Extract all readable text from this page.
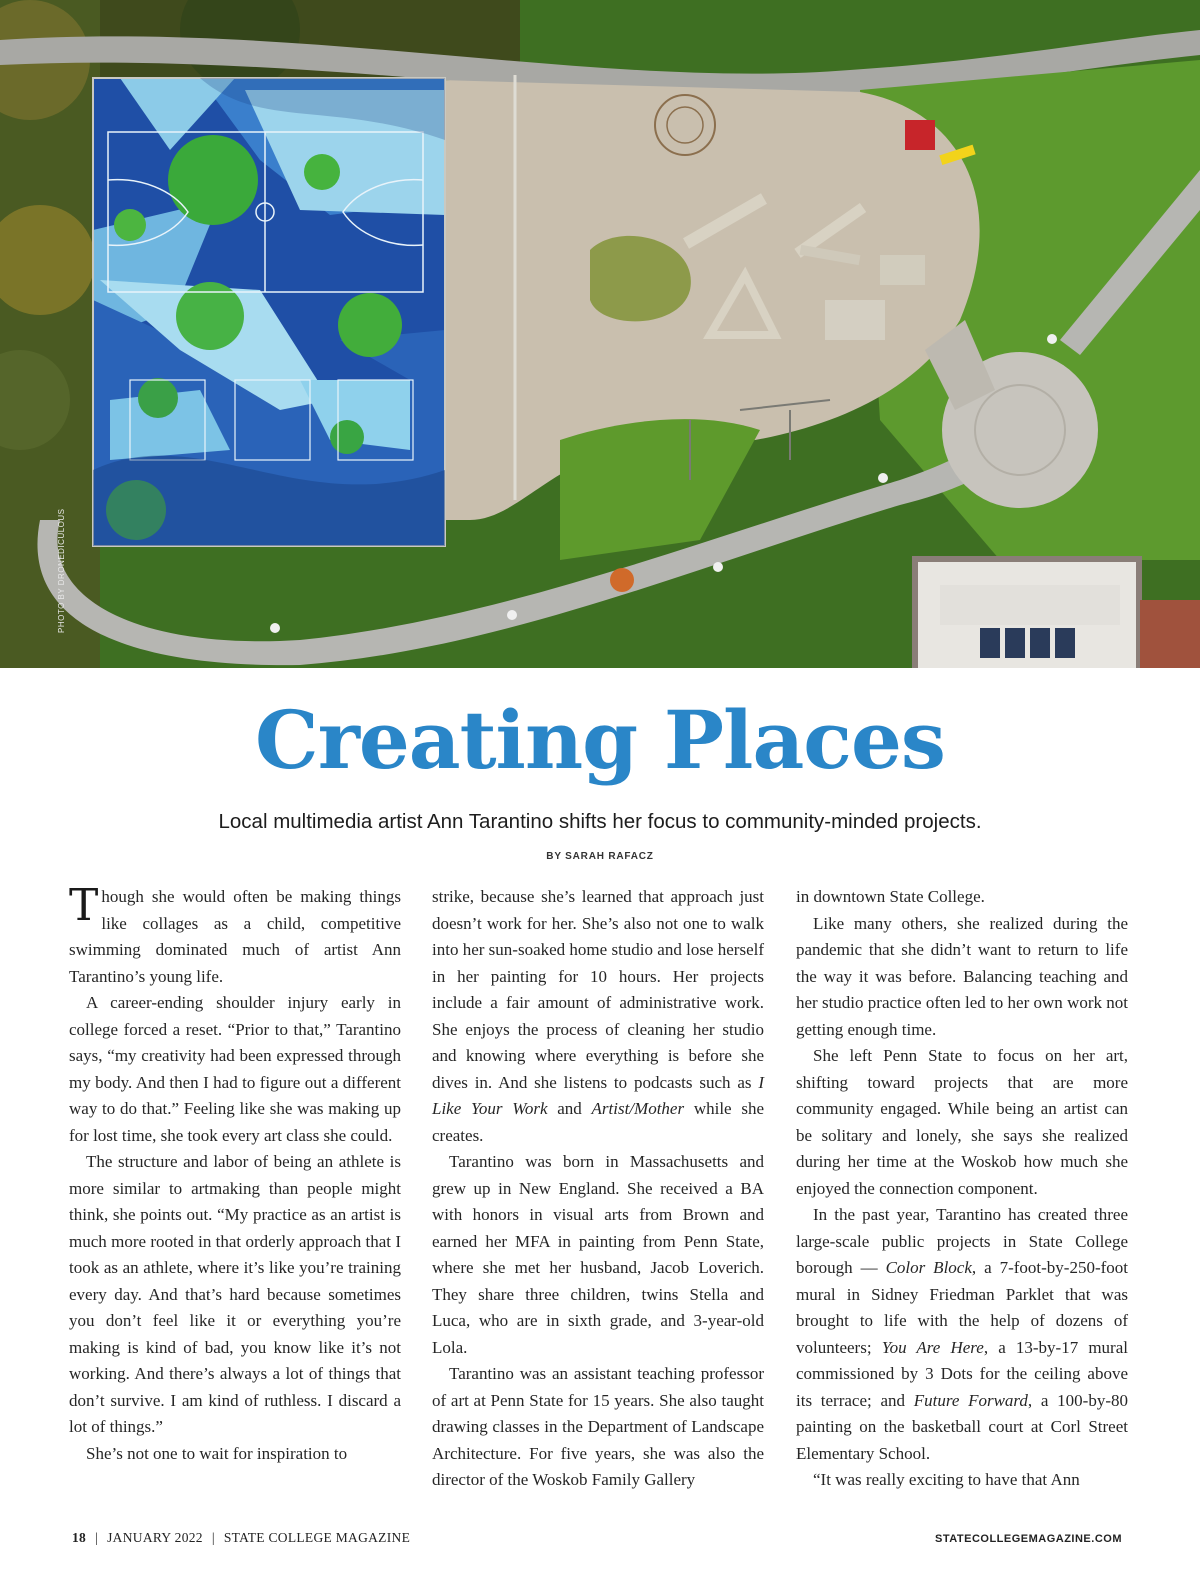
PHOTO BY DRONEDICULOUS
Creating Places
Local multimedia artist Ann Tarantino shifts her focus to community-minded projects.
BY SARAH RAFACZ

Though she would often be making things like collages as a child, competitive swimming dominated much of artist Ann Tarantino’s young life.

A career-ending shoulder injury early in college forced a reset. “Prior to that,” Tarantino says, “my creativity had been expressed through my body. And then I had to figure out a different way to do that.” Feeling like she was making up for lost time, she took every art class she could.

The structure and labor of being an athlete is more similar to artmaking than people might think, she points out. “My practice as an artist is much more rooted in that orderly approach that I took as an athlete, where it’s like you’re training every day. And that’s hard because sometimes you don’t feel like it or everything you’re making is kind of bad, you know like it’s not working. And there’s always a lot of things that don’t survive. I am kind of ruthless. I discard a lot of things.”

She’s not one to wait for inspiration to

strike, because she’s learned that approach just doesn’t work for her. She’s also not one to walk into her sun-soaked home studio and lose herself in her painting for 10 hours. Her projects include a fair amount of administrative work. She enjoys the process of cleaning her studio and knowing where everything is before she dives in. And she listens to podcasts such as I Like Your Work and Artist/Mother while she creates.

Tarantino was born in Massachusetts and grew up in New England. She received a BA with honors in visual arts from Brown and earned her MFA in painting from Penn State, where she met her husband, Jacob Loverich. They share three children, twins Stella and Luca, who are in sixth grade, and 3-year-old Lola.

Tarantino was an assistant teaching professor of art at Penn State for 15 years. She also taught drawing classes in the Department of Landscape Architecture. For five years, she was also the director of the Woskob Family Gallery

in downtown State College.

Like many others, she realized during the pandemic that she didn’t want to return to life the way it was before. Balancing teaching and her studio practice often led to her own work not getting enough time.

She left Penn State to focus on her art, shifting toward projects that are more community engaged. While being an artist can be solitary and lonely, she says she realized during her time at the Woskob how much she enjoyed the connection component.

In the past year, Tarantino has created three large-scale public projects in State College borough — Color Block, a 7-foot-by-250-foot mural in Sidney Friedman Parklet that was brought to life with the help of dozens of volunteers; You Are Here, a 13-by-17 mural commissioned by 3 Dots for the ceiling above its terrace; and Future Forward, a 100-by-80 painting on the basketball court at Corl Street Elementary School.

“It was really exciting to have that Ann

18 | JANUARY 2022 | STATE COLLEGE MAGAZINE	STATECOLLEGEMAGAZINE.COM
